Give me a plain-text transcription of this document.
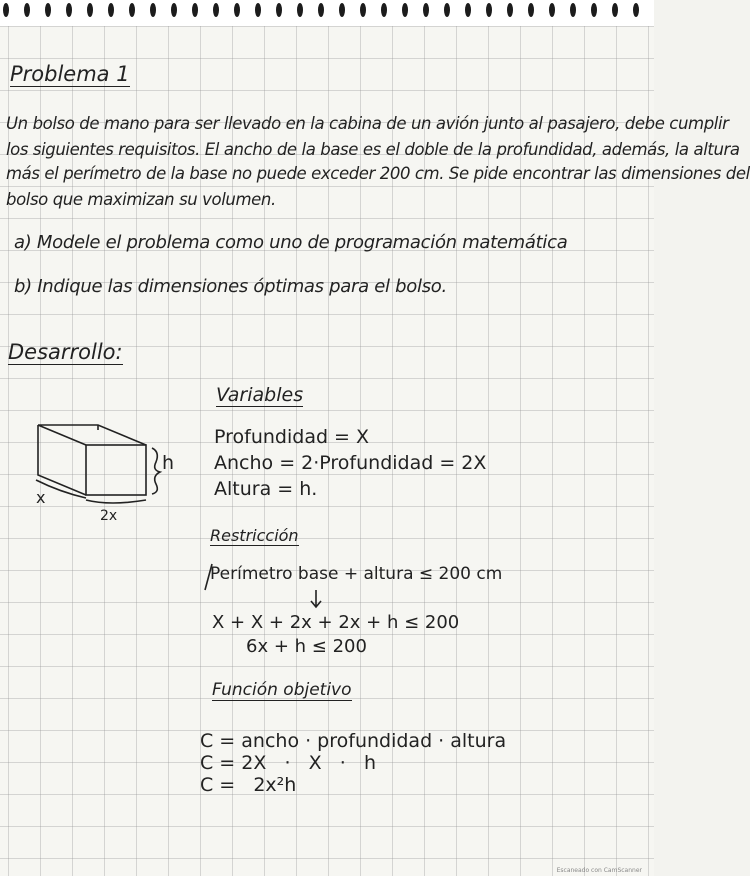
Problema 1
Un bolso de mano para ser llevado en la cabina de un avión junto al pasajero, debe cumplir
los siguientes requisitos. El ancho de la base es el doble de la profundidad, además, la altura
más el perímetro de la base no puede exceder 200 cm. Se pide encontrar las dimensiones del
bolso que maximizan su volumen.
a) Modele el problema como uno de programación matemática
b) Indique las dimensiones óptimas para el bolso.
Desarrollo:
h
x
2x
Variables
Profundidad = X
Ancho = 2·Profundidad = 2X
Altura = h.
Restricción
Perímetro base + altura ≤ 200 cm
X + X + 2x + 2x + h ≤ 200
6x + h ≤ 200
Función objetivo
C = ancho · profundidad · altura
C = 2X   ·   X   ·   h
C =   2x²h
Escaneado con CamScanner
